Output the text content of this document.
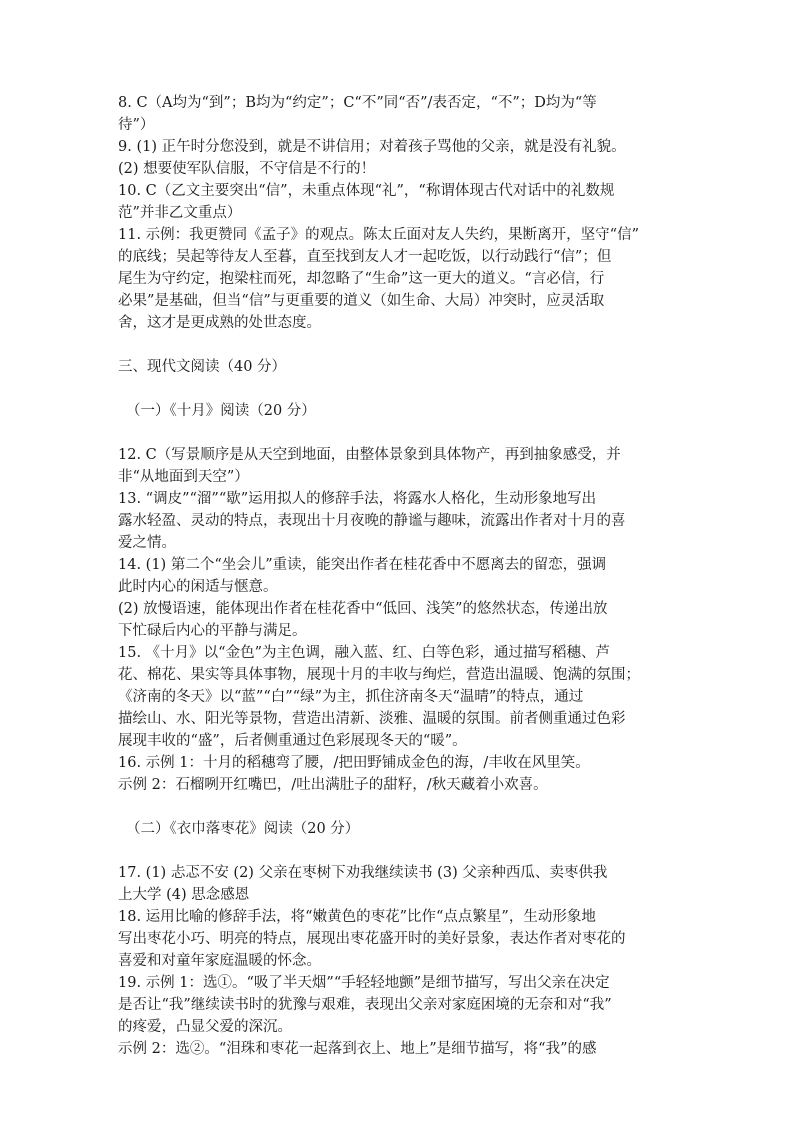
8. C（A均为“到”；B均为“约定”；C“不”同“否”/表否定，“不”；D均为“等
待”）
9. (1) 正午时分您没到，就是不讲信用；对着孩子骂他的父亲，就是没有礼貌。
(2) 想要使军队信服，不守信是不行的！
10. C（乙文主要突出“信”，未重点体现“礼”，“称谓体现古代对话中的礼数规
范”并非乙文重点）
11. 示例：我更赞同《孟子》的观点。陈太丘面对友人失约，果断离开，坚守“信”
的底线；吴起等待友人至暮，直至找到友人才一起吃饭，以行动践行“信”；但
尾生为守约定，抱梁柱而死，却忽略了“生命”这一更大的道义。“言必信，行
必果”是基础，但当“信”与更重要的道义（如生命、大局）冲突时，应灵活取
舍，这才是更成熟的处世态度。
三、现代文阅读（40 分）
（一）《十月》阅读（20 分）
12. C（写景顺序是从天空到地面，由整体景象到具体物产，再到抽象感受，并
非“从地面到天空”）
13. “调皮”“溜”“歇”运用拟人的修辞手法，将露水人格化，生动形象地写出
露水轻盈、灵动的特点，表现出十月夜晚的静谧与趣味，流露出作者对十月的喜
爱之情。
14. (1) 第二个“坐会儿”重读，能突出作者在桂花香中不愿离去的留恋，强调
此时内心的闲适与惬意。
(2) 放慢语速，能体现出作者在桂花香中“低回、浅笑”的悠然状态，传递出放
下忙碌后内心的平静与满足。
15. 《十月》以“金色”为主色调，融入蓝、红、白等色彩，通过描写稻穗、芦
花、棉花、果实等具体事物，展现十月的丰收与绚烂，营造出温暖、饱满的氛围；
《济南的冬天》以“蓝”“白”“绿”为主，抓住济南冬天“温晴”的特点，通过
描绘山、水、阳光等景物，营造出清新、淡雅、温暖的氛围。前者侧重通过色彩
展现丰收的“盛”，后者侧重通过色彩展现冬天的“暖”。
16. 示例 1：十月的稻穗弯了腰，/把田野铺成金色的海，/丰收在风里笑。
示例 2：石榴咧开红嘴巴，/吐出满肚子的甜籽，/秋天藏着小欢喜。
（二）《衣巾落枣花》阅读（20 分）
17. (1) 忐忑不安 (2) 父亲在枣树下劝我继续读书 (3) 父亲种西瓜、卖枣供我
上大学 (4) 思念感恩
18. 运用比喻的修辞手法，将“嫩黄色的枣花”比作“点点繁星”，生动形象地
写出枣花小巧、明亮的特点，展现出枣花盛开时的美好景象，表达作者对枣花的
喜爱和对童年家庭温暖的怀念。
19. 示例 1：选①。“吸了半天烟”“手轻轻地颤”是细节描写，写出父亲在决定
是否让“我”继续读书时的犹豫与艰难，表现出父亲对家庭困境的无奈和对“我”
的疼爱，凸显父爱的深沉。
示例 2：选②。“泪珠和枣花一起落到衣上、地上”是细节描写，将“我”的感
